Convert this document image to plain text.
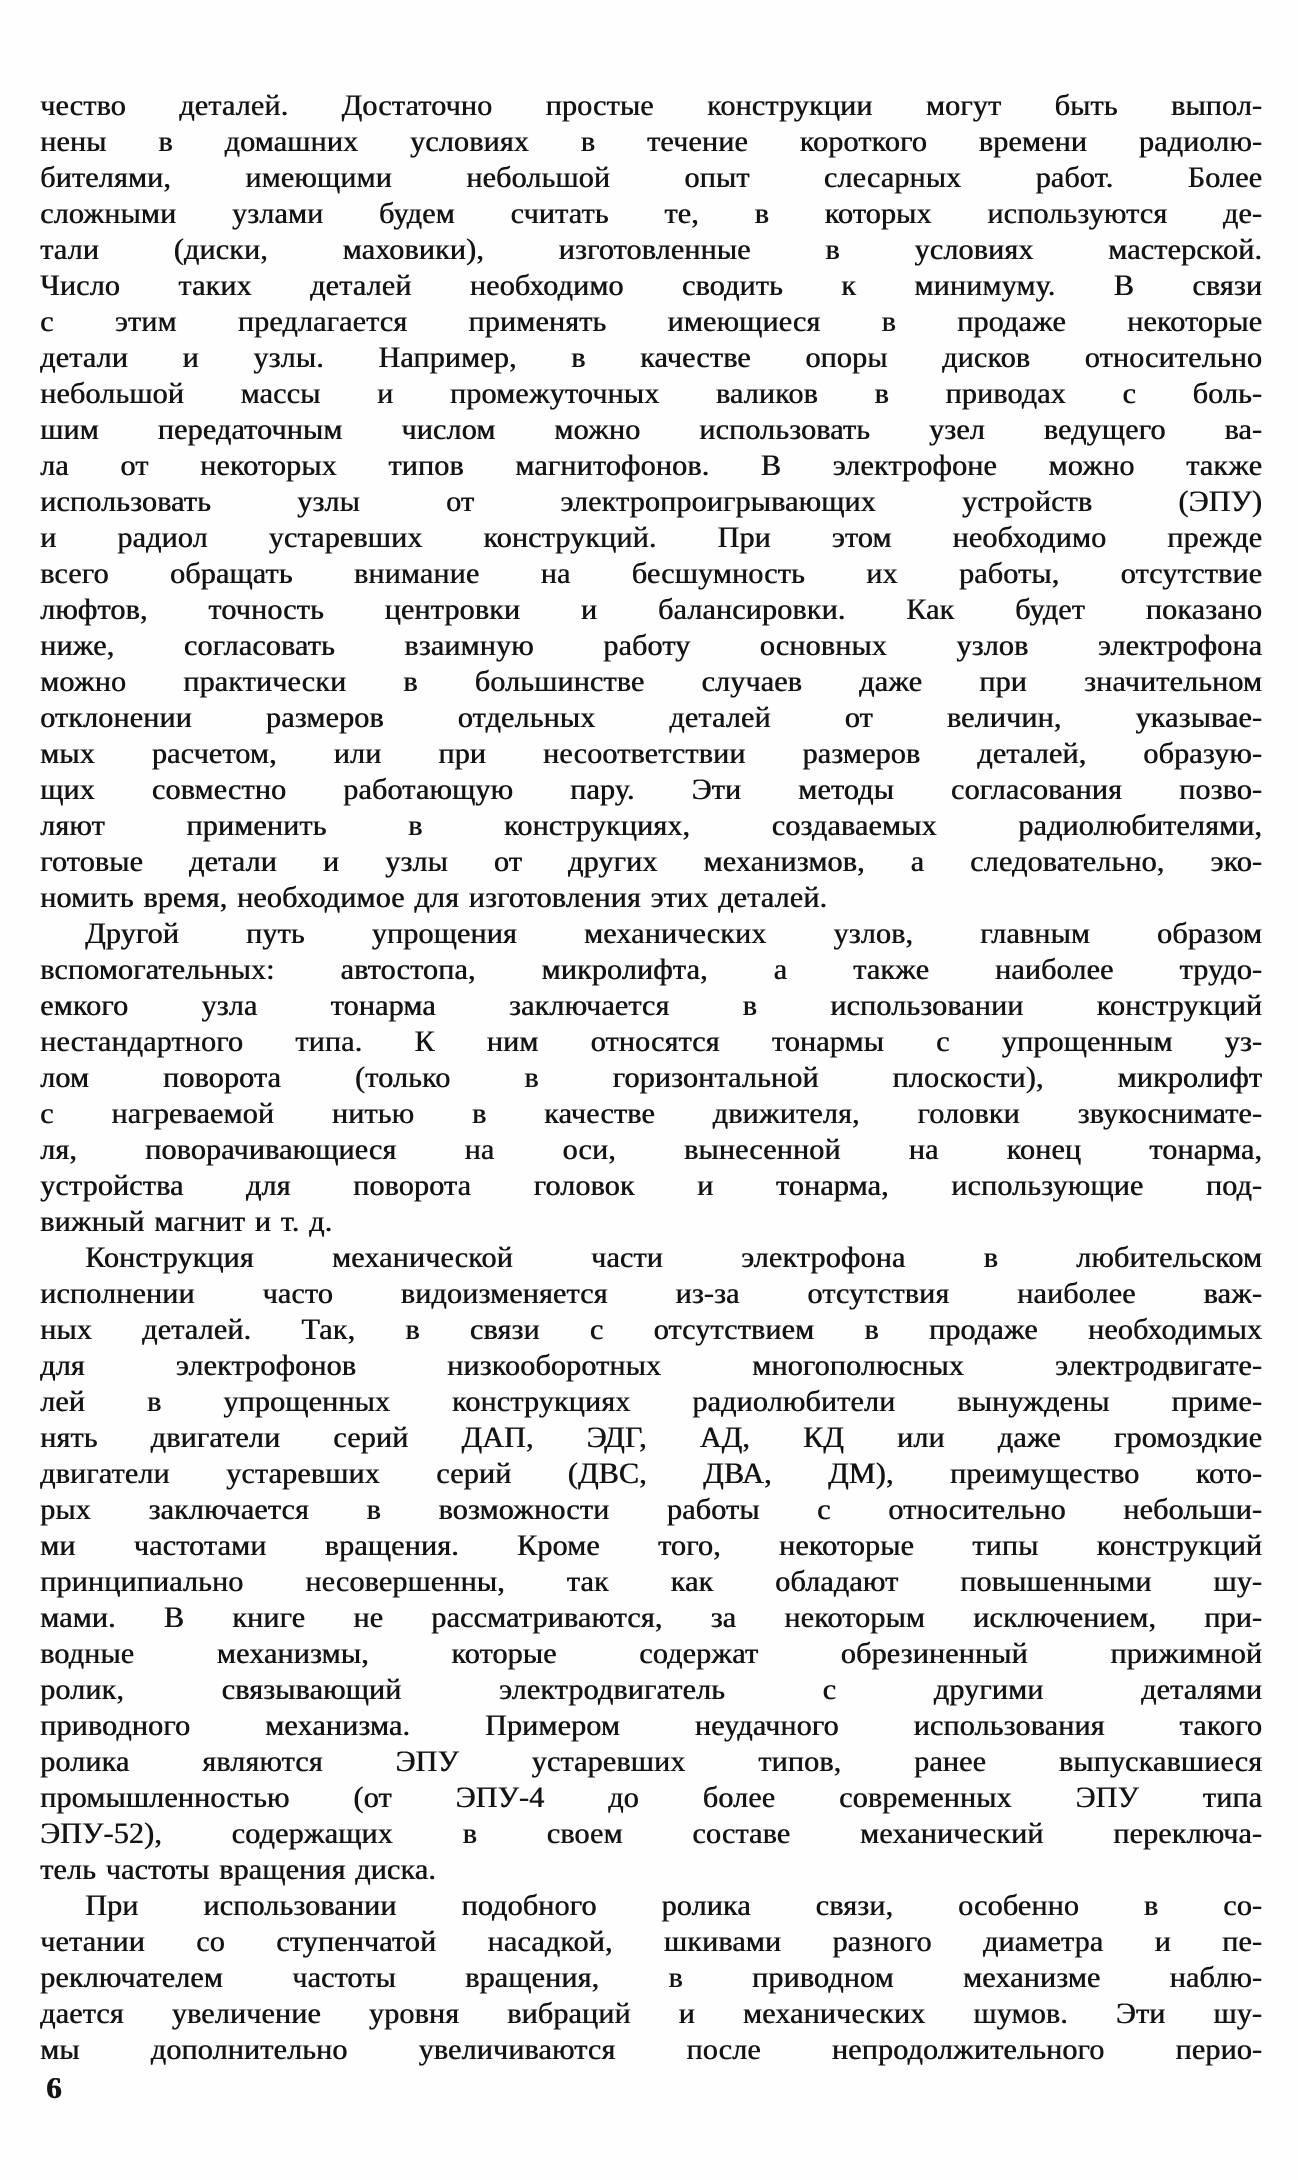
чество деталей. Достаточно простые конструкции могут быть выпол-
нены в домашних условиях в течение короткого времени радиолю-
бителями, имеющими небольшой опыт слесарных работ. Более
сложными узлами будем считать те, в которых используются де-
тали (диски, маховики), изготовленные в условиях мастерской.
Число таких деталей необходимо сводить к минимуму. В связи
с этим предлагается применять имеющиеся в продаже некоторые
детали и узлы. Например, в качестве опоры дисков относительно
небольшой массы и промежуточных валиков в приводах с боль-
шим передаточным числом можно использовать узел ведущего ва-
ла от некоторых типов магнитофонов. В электрофоне можно также
использовать узлы от электропроигрывающих устройств (ЭПУ)
и радиол устаревших конструкций. При этом необходимо прежде
всего обращать внимание на бесшумность их работы, отсутствие
люфтов, точность центровки и балансировки. Как будет показано
ниже, согласовать взаимную работу основных узлов электрофона
можно практически в большинстве случаев даже при значительном
отклонении размеров отдельных деталей от величин, указывае-
мых расчетом, или при несоответствии размеров деталей, образую-
щих совместно работающую пару. Эти методы согласования позво-
ляют применить в конструкциях, создаваемых радиолюбителями,
готовые детали и узлы от других механизмов, а следовательно, эко-
номить время, необходимое для изготовления этих деталей.
Другой путь упрощения механических узлов, главным образом
вспомогательных: автостопа, микролифта, а также наиболее трудо-
емкого узла тонарма заключается в использовании конструкций
нестандартного типа. К ним относятся тонармы с упрощенным уз-
лом поворота (только в горизонтальной плоскости), микролифт
с нагреваемой нитью в качестве движителя, головки звукоснимате-
ля, поворачивающиеся на оси, вынесенной на конец тонарма,
устройства для поворота головок и тонарма, использующие под-
вижный магнит и т. д.
Конструкция механической части электрофона в любительском
исполнении часто видоизменяется из-за отсутствия наиболее важ-
ных деталей. Так, в связи с отсутствием в продаже необходимых
для электрофонов низкооборотных многополюсных электродвигате-
лей в упрощенных конструкциях радиолюбители вынуждены приме-
нять двигатели серий ДАП, ЭДГ, АД, КД или даже громоздкие
двигатели устаревших серий (ДВС, ДВА, ДМ), преимущество кото-
рых заключается в возможности работы с относительно небольши-
ми частотами вращения. Кроме того, некоторые типы конструкций
принципиально несовершенны, так как обладают повышенными шу-
мами. В книге не рассматриваются, за некоторым исключением, при-
водные механизмы, которые содержат обрезиненный прижимной
ролик, связывающий электродвигатель с другими деталями
приводного механизма. Примером неудачного использования такого
ролика являются ЭПУ устаревших типов, ранее выпускавшиеся
промышленностью (от ЭПУ-4 до более современных ЭПУ типа
ЭПУ-52), содержащих в своем составе механический переключа-
тель частоты вращения диска.
При использовании подобного ролика связи, особенно в со-
четании со ступенчатой насадкой, шкивами разного диаметра и пе-
реключателем частоты вращения, в приводном механизме наблю-
дается увеличение уровня вибраций и механических шумов. Эти шу-
мы дополнительно увеличиваются после непродолжительного перио-
6
